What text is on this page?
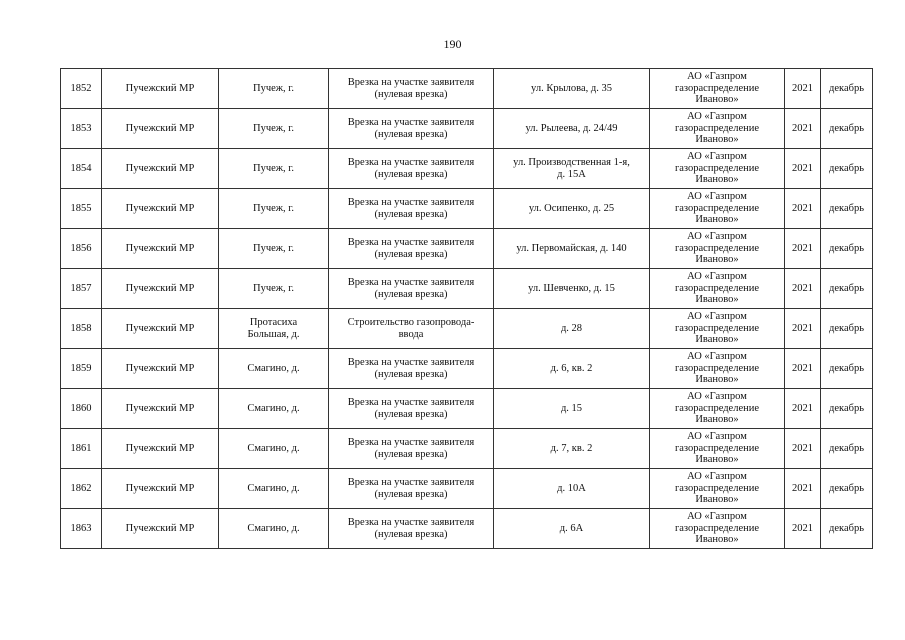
190
1852	Пучежский МР	Пучеж, г.	Врезка на участке заявителя
(нулевая врезка)	ул. Крылова, д. 35	АО «Газпром
газораспределение
Иваново»	2021	декабрь
1853	Пучежский МР	Пучеж, г.	Врезка на участке заявителя
(нулевая врезка)	ул. Рылеева, д. 24/49	АО «Газпром
газораспределение
Иваново»	2021	декабрь
1854	Пучежский МР	Пучеж, г.	Врезка на участке заявителя
(нулевая врезка)	ул. Производственная 1-я,
д. 15А	АО «Газпром
газораспределение
Иваново»	2021	декабрь
1855	Пучежский МР	Пучеж, г.	Врезка на участке заявителя
(нулевая врезка)	ул. Осипенко, д. 25	АО «Газпром
газораспределение
Иваново»	2021	декабрь
1856	Пучежский МР	Пучеж, г.	Врезка на участке заявителя
(нулевая врезка)	ул. Первомайская, д. 140	АО «Газпром
газораспределение
Иваново»	2021	декабрь
1857	Пучежский МР	Пучеж, г.	Врезка на участке заявителя
(нулевая врезка)	ул. Шевченко, д. 15	АО «Газпром
газораспределение
Иваново»	2021	декабрь
1858	Пучежский МР	Протасиха
Большая, д.	Строительство газопровода-
ввода	д. 28	АО «Газпром
газораспределение
Иваново»	2021	декабрь
1859	Пучежский МР	Смагино, д.	Врезка на участке заявителя
(нулевая врезка)	д. 6, кв. 2	АО «Газпром
газораспределение
Иваново»	2021	декабрь
1860	Пучежский МР	Смагино, д.	Врезка на участке заявителя
(нулевая врезка)	д. 15	АО «Газпром
газораспределение
Иваново»	2021	декабрь
1861	Пучежский МР	Смагино, д.	Врезка на участке заявителя
(нулевая врезка)	д. 7, кв. 2	АО «Газпром
газораспределение
Иваново»	2021	декабрь
1862	Пучежский МР	Смагино, д.	Врезка на участке заявителя
(нулевая врезка)	д. 10А	АО «Газпром
газораспределение
Иваново»	2021	декабрь
1863	Пучежский МР	Смагино, д.	Врезка на участке заявителя
(нулевая врезка)	д. 6А	АО «Газпром
газораспределение
Иваново»	2021	декабрь
